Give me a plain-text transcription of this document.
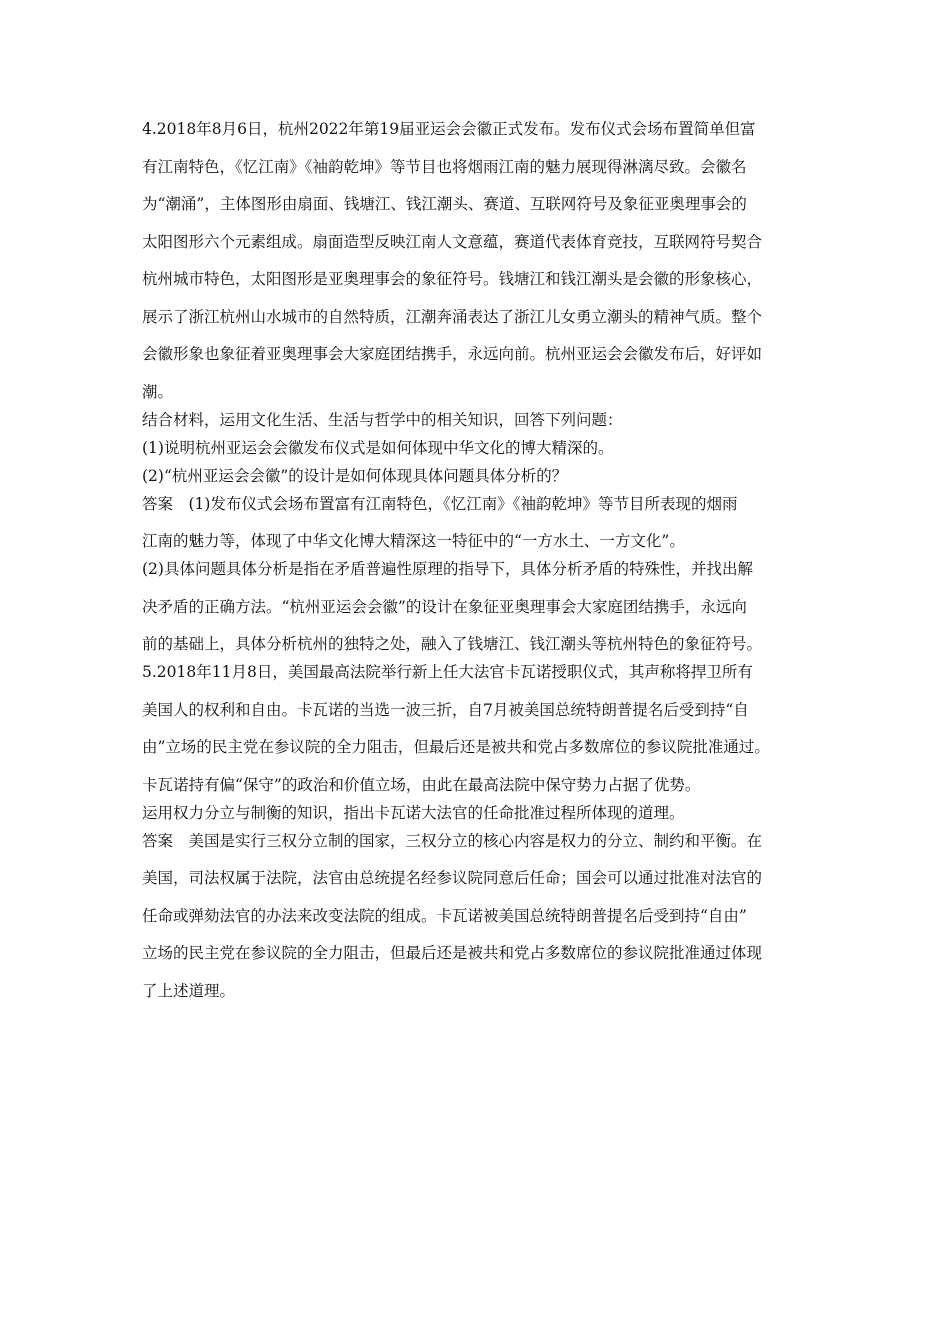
4.2018年8月6日，杭州2022年第19届亚运会会徽正式发布。发布仪式会场布置简单但富
有江南特色，《忆江南》《袖韵乾坤》等节目也将烟雨江南的魅力展现得淋漓尽致。会徽名
为“潮涌”，主体图形由扇面、钱塘江、钱江潮头、赛道、互联网符号及象征亚奥理事会的
太阳图形六个元素组成。扇面造型反映江南人文意蕴，赛道代表体育竞技，互联网符号契合
杭州城市特色，太阳图形是亚奥理事会的象征符号。钱塘江和钱江潮头是会徽的形象核心，
展示了浙江杭州山水城市的自然特质，江潮奔涌表达了浙江儿女勇立潮头的精神气质。整个
会徽形象也象征着亚奥理事会大家庭团结携手，永远向前。杭州亚运会会徽发布后，好评如
潮。
结合材料，运用文化生活、生活与哲学中的相关知识，回答下列问题：
(1)说明杭州亚运会会徽发布仪式是如何体现中华文化的博大精深的。
(2)“杭州亚运会会徽”的设计是如何体现具体问题具体分析的？
答案　(1)发布仪式会场布置富有江南特色，《忆江南》《袖韵乾坤》等节目所表现的烟雨
江南的魅力等，体现了中华文化博大精深这一特征中的“一方水土、一方文化”。
(2)具体问题具体分析是指在矛盾普遍性原理的指导下，具体分析矛盾的特殊性，并找出解
决矛盾的正确方法。“杭州亚运会会徽”的设计在象征亚奥理事会大家庭团结携手，永远向
前的基础上，具体分析杭州的独特之处，融入了钱塘江、钱江潮头等杭州特色的象征符号。
5.2018年11月8日，美国最高法院举行新上任大法官卡瓦诺授职仪式，其声称将捍卫所有
美国人的权利和自由。卡瓦诺的当选一波三折，自7月被美国总统特朗普提名后受到持“自
由”立场的民主党在参议院的全力阻击，但最后还是被共和党占多数席位的参议院批准通过。
卡瓦诺持有偏“保守”的政治和价值立场，由此在最高法院中保守势力占据了优势。
运用权力分立与制衡的知识，指出卡瓦诺大法官的任命批准过程所体现的道理。
答案　美国是实行三权分立制的国家，三权分立的核心内容是权力的分立、制约和平衡。在
美国，司法权属于法院，法官由总统提名经参议院同意后任命；国会可以通过批准对法官的
任命或弹劾法官的办法来改变法院的组成。卡瓦诺被美国总统特朗普提名后受到持“自由”
立场的民主党在参议院的全力阻击，但最后还是被共和党占多数席位的参议院批准通过体现
了上述道理。
